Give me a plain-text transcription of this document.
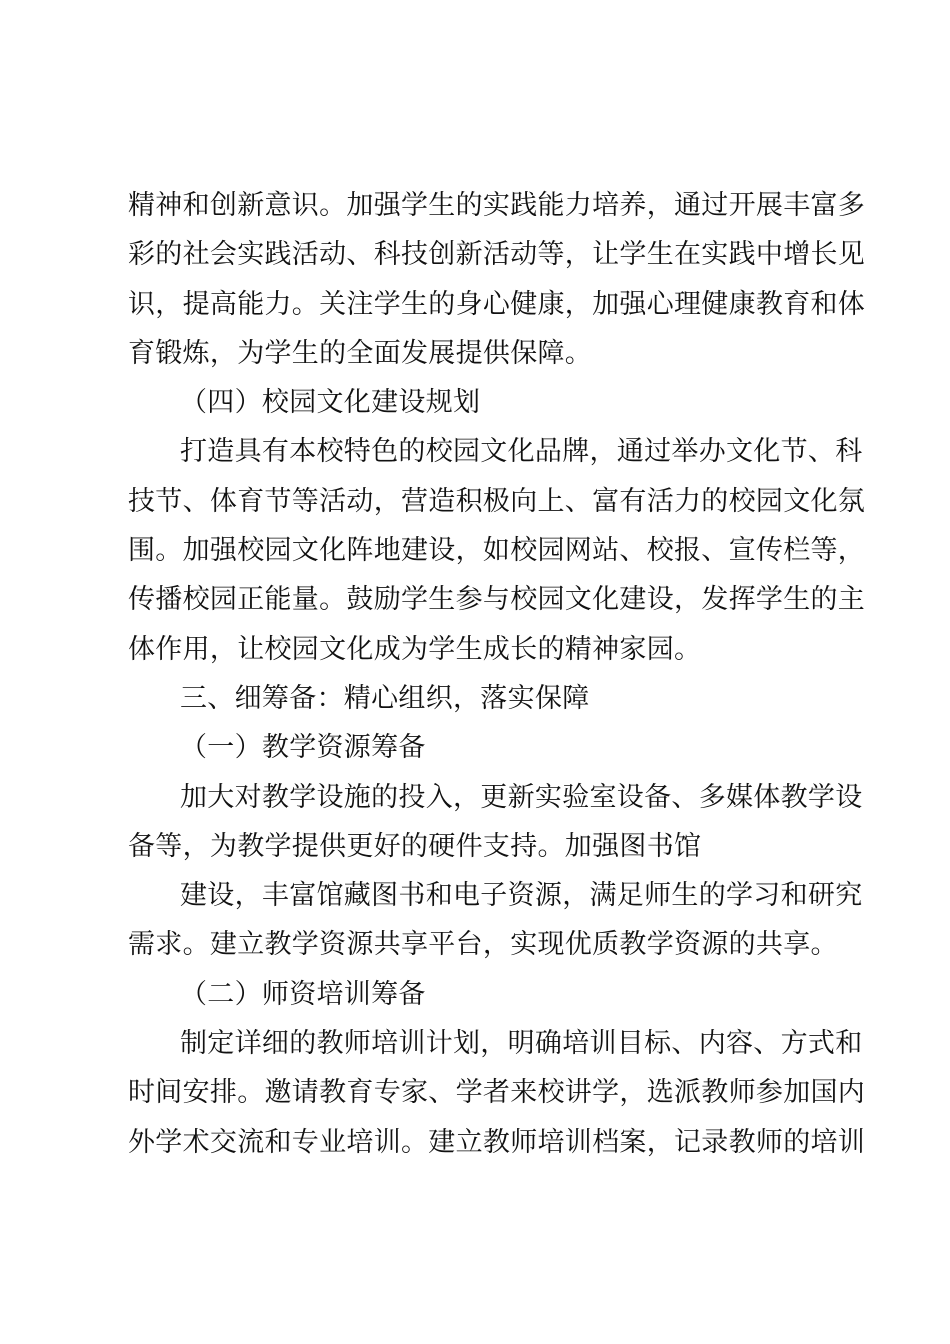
精神和创新意识。加强学生的实践能力培养，通过开展丰富多
彩的社会实践活动、科技创新活动等，让学生在实践中增长见
识，提高能力。关注学生的身心健康，加强心理健康教育和体
育锻炼，为学生的全面发展提供保障。
（四）校园文化建设规划
打造具有本校特色的校园文化品牌，通过举办文化节、科
技节、体育节等活动，营造积极向上、富有活力的校园文化氛
围。加强校园文化阵地建设，如校园网站、校报、宣传栏等，
传播校园正能量。鼓励学生参与校园文化建设，发挥学生的主
体作用，让校园文化成为学生成长的精神家园。
三、细筹备：精心组织，落实保障
（一）教学资源筹备
加大对教学设施的投入，更新实验室设备、多媒体教学设
备等，为教学提供更好的硬件支持。加强图书馆
建设，丰富馆藏图书和电子资源，满足师生的学习和研究
需求。建立教学资源共享平台，实现优质教学资源的共享。
（二）师资培训筹备
制定详细的教师培训计划，明确培训目标、内容、方式和
时间安排。邀请教育专家、学者来校讲学，选派教师参加国内
外学术交流和专业培训。建立教师培训档案，记录教师的培训
